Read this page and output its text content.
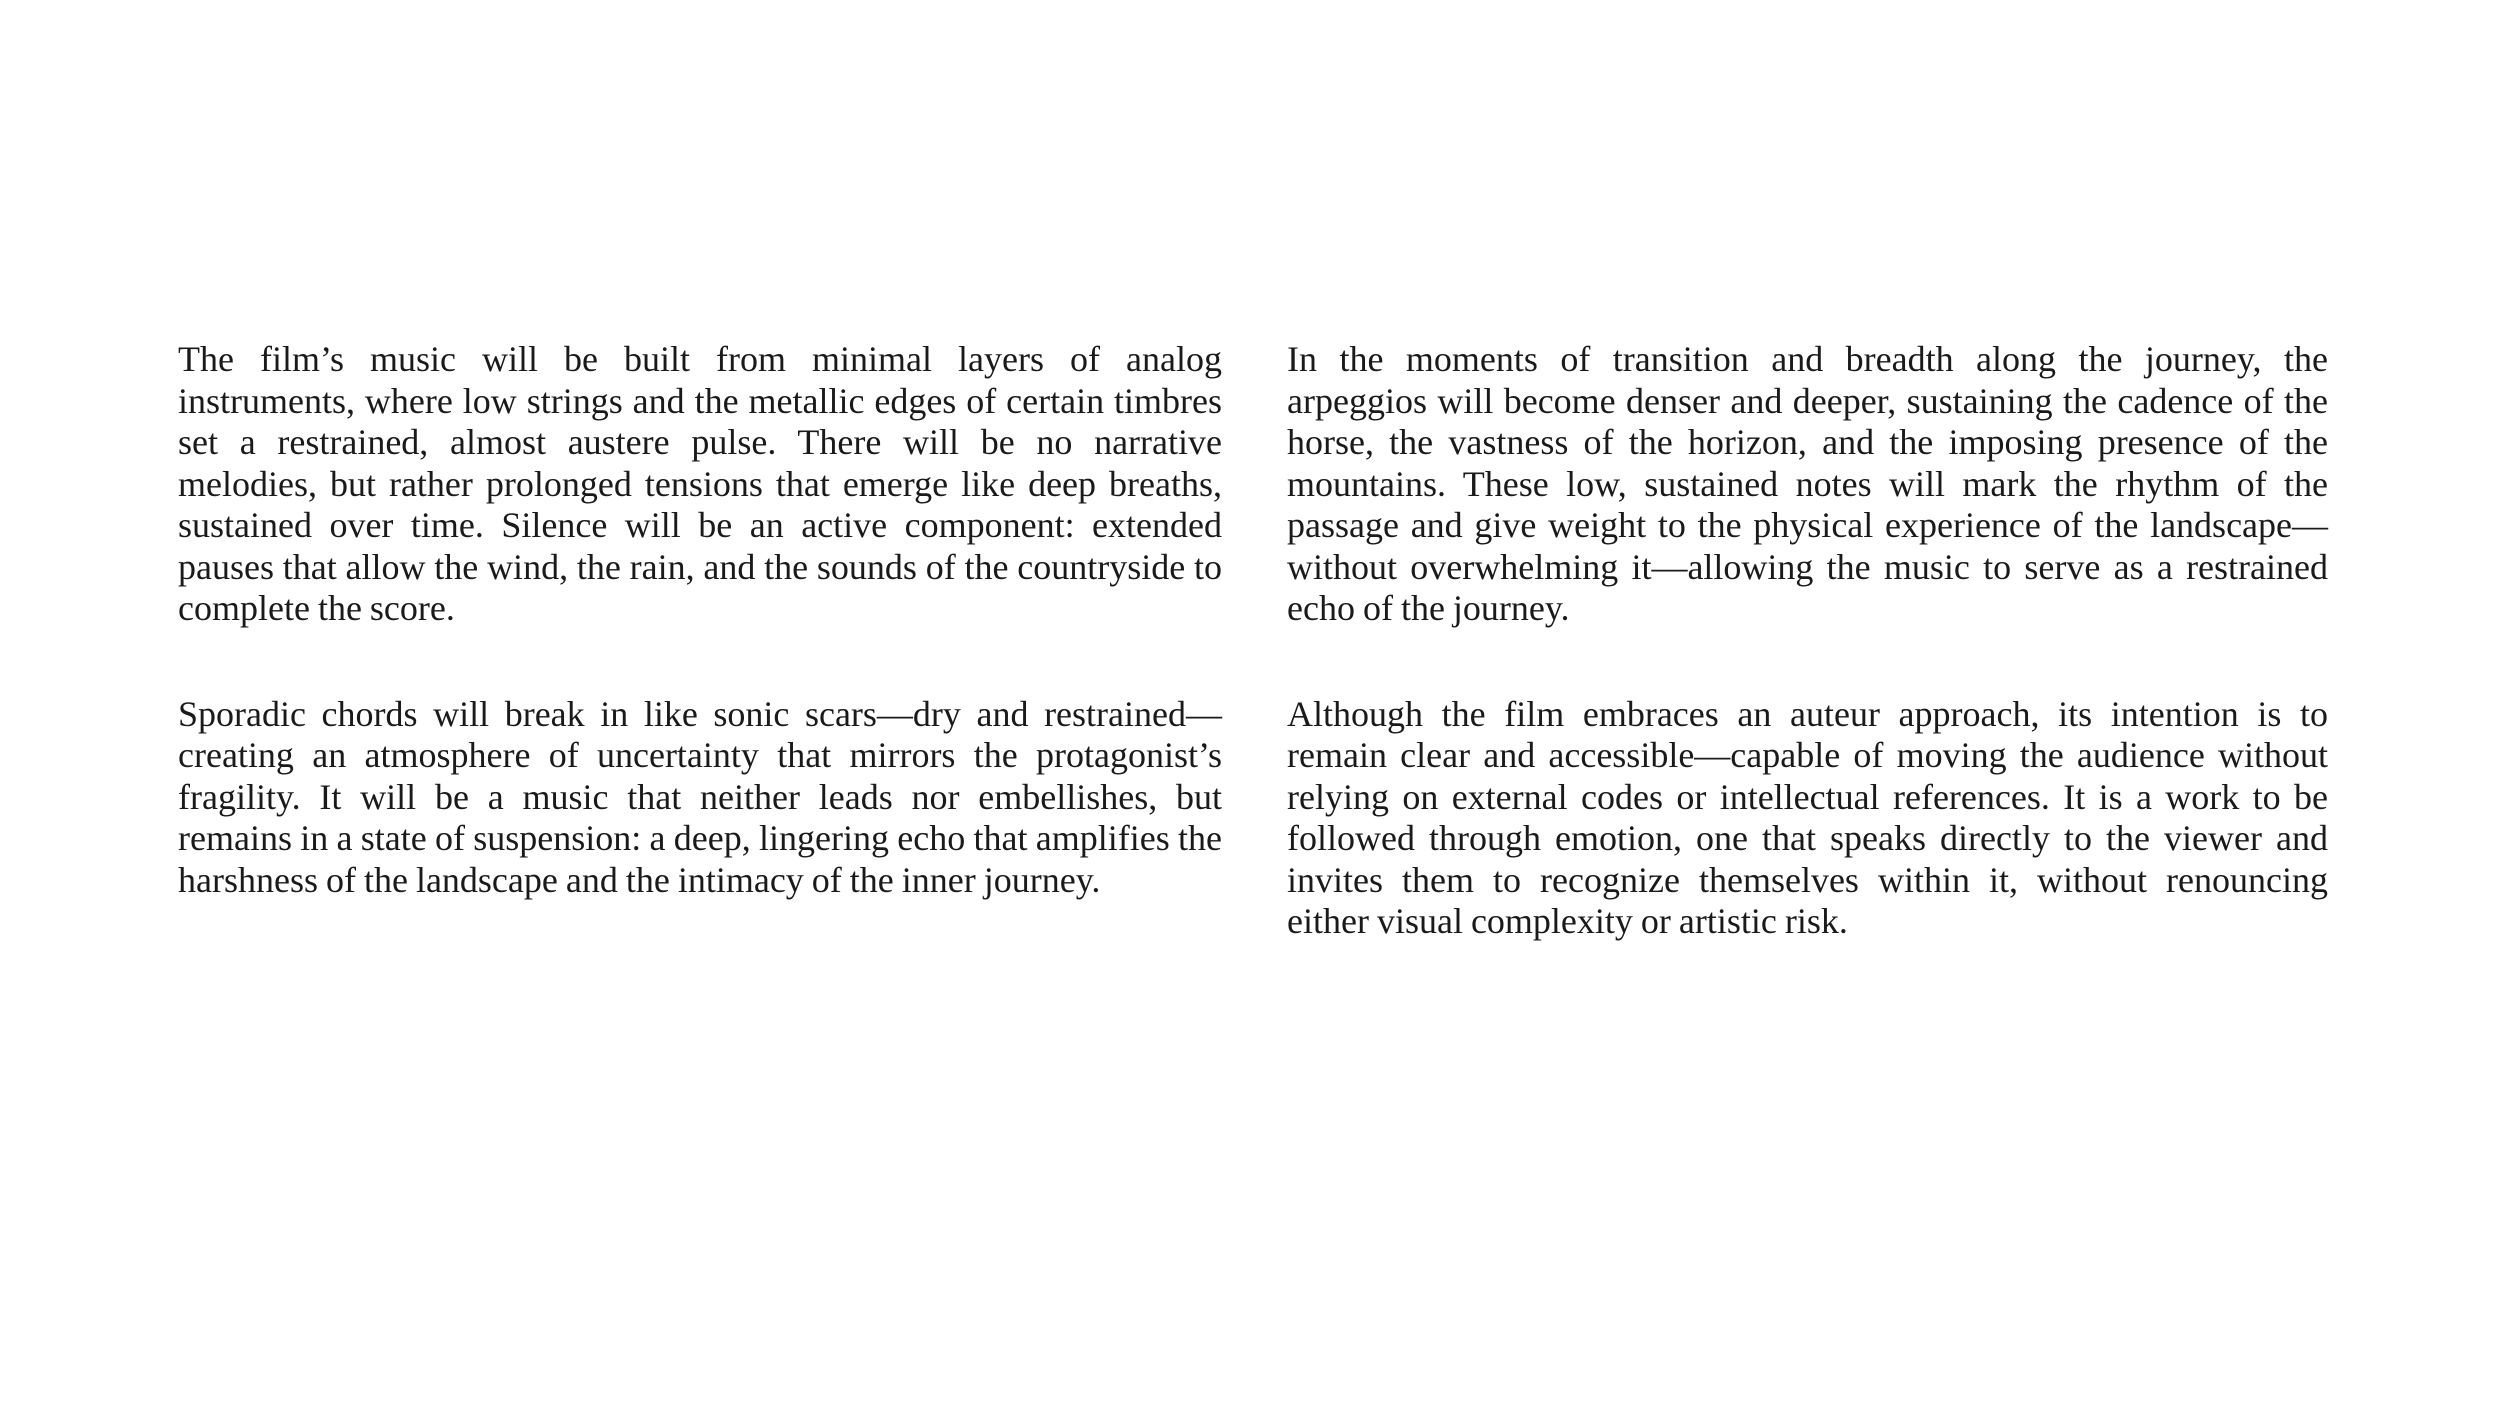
The film’s music will be built from minimal layers of analog instruments, where low strings and the metallic edges of certain timbres set a restrained, almost austere pulse. There will be no narrative melodies, but rather prolonged tensions that emerge like deep breaths, sustained over time. Silence will be an active component: extended pauses that allow the wind, the rain, and the sounds of the countryside to complete the score.

Sporadic chords will break in like sonic scars—dry and restrained—creating an atmosphere of uncertainty that mirrors the protagonist’s fragility. It will be a music that neither leads nor embellishes, but remains in a state of suspension: a deep, lingering echo that amplifies the harshness of the landscape and the intimacy of the inner journey.

In the moments of transition and breadth along the journey, the arpeggios will become denser and deeper, sustaining the cadence of the horse, the vastness of the horizon, and the imposing presence of the mountains. These low, sustained notes will mark the rhythm of the passage and give weight to the physical experience of the landscape—without overwhelming it—allowing the music to serve as a restrained echo of the journey.

Although the film embraces an auteur approach, its intention is to remain clear and accessible—capable of moving the audience without relying on external codes or intellectual references. It is a work to be followed through emotion, one that speaks directly to the viewer and invites them to recognize themselves within it, without renouncing either visual complexity or artistic risk.
